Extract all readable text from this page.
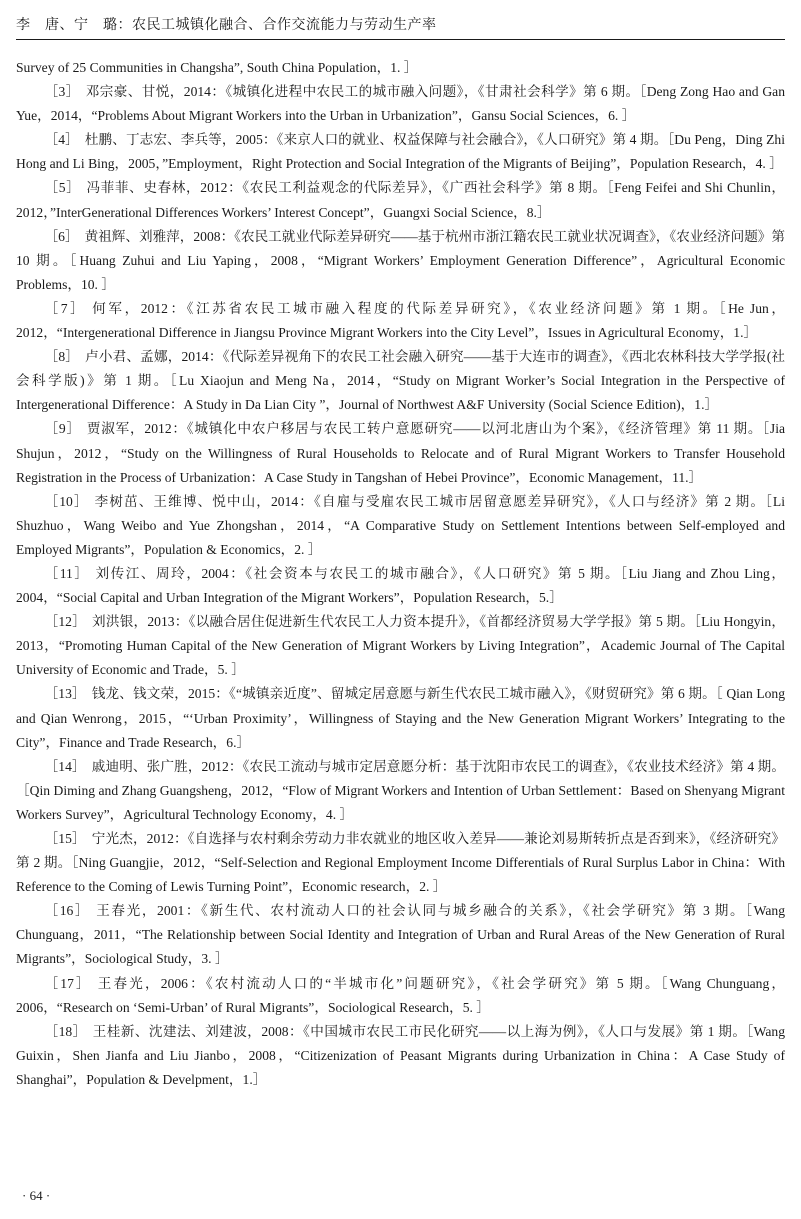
李　唐、宁　璐：农民工城镇化融合、合作交流能力与劳动生产率

Survey of 25 Communities in Changsha”, South China Population，1. ］

［3］ 邓宗豪、甘悦，2014：《城镇化进程中农民工的城市融入问题》，《甘肃社会科学》第 6 期。［Deng Zong Hao and Gan Yue，2014，“Problems About Migrant Workers into the Urban in Urbanization”，Gansu Social Sciences，6. ］

［4］ 杜鹏、丁志宏、李兵等，2005：《来京人口的就业、权益保障与社会融合》，《人口研究》第 4 期。［Du Peng，Ding Zhi Hong and Li Bing，2005，”Employment，Right Protection and Social Integration of the Migrants of Beijing”，Population Research，4. ］

［5］ 冯菲菲、史春林，2012：《农民工利益观念的代际差异》，《广西社会科学》第 8 期。［Feng Feifei and Shi Chunlin，2012，”InterGenerational Differences Workers’ Interest Concept”，Guangxi Social Science，8.］

［6］ 黄祖辉、刘雅萍，2008：《农民工就业代际差异研究——基于杭州市浙江籍农民工就业状况调查》，《农业经济问题》第 10 期。［Huang Zuhui and Liu Yaping，2008，“Migrant Workers’ Employment Generation Difference”，Agricultural Economic Problems，10. ］

［7］ 何军，2012：《江苏省农民工城市融入程度的代际差异研究》，《农业经济问题》第 1 期。［He Jun，2012，“Intergenerational Difference in Jiangsu Province Migrant Workers into the City Level”，Issues in Agricultural Economy，1.］

［8］ 卢小君、孟娜，2014：《代际差异视角下的农民工社会融入研究——基于大连市的调查》，《西北农林科技大学学报(社会科学版)》第 1 期。［Lu Xiaojun and Meng Na，2014，“Study on Migrant Worker’s Social Integration in the Perspective of Intergenerational Difference：A Study in Da Lian City ”，Journal of Northwest A&F University (Social Science Edition)，1.］

［9］ 贾淑军，2012：《城镇化中农户移居与农民工转户意愿研究——以河北唐山为个案》，《经济管理》第 11 期。［Jia Shujun，2012，“Study on the Willingness of Rural Households to Relocate and of Rural Migrant Workers to Transfer Household Registration in the Process of Urbanization：A Case Study in Tangshan of Hebei Province”，Economic Management，11.］

［10］ 李树茁、王维博、悦中山，2014：《自雇与受雇农民工城市居留意愿差异研究》，《人口与经济》第 2 期。［Li Shuzhuo，Wang Weibo and Yue Zhongshan，2014，“A Comparative Study on Settlement Intentions between Self-employed and Employed Migrants”，Population & Economics，2. ］

［11］ 刘传江、周玲，2004：《社会资本与农民工的城市融合》，《人口研究》第 5 期。［Liu Jiang and Zhou Ling，2004，“Social Capital and Urban Integration of the Migrant Workers”，Population Research，5.］

［12］ 刘洪银，2013：《以融合居住促进新生代农民工人力资本提升》，《首都经济贸易大学学报》第 5 期。［Liu Hongyin，2013，“Promoting Human Capital of the New Generation of Migrant Workers by Living Integration”，Academic Journal of The Capital University of Economic and Trade，5. ］

［13］ 钱龙、钱文荣，2015：《“城镇亲近度”、留城定居意愿与新生代农民工城市融入》，《财贸研究》第 6 期。［ Qian Long and Qian Wenrong，2015，“‘Urban Proximity’，Willingness of Staying and the New Generation Migrant Workers’ Integrating to the City”，Finance and Trade Research，6.］

［14］ 戚迪明、张广胜，2012：《农民工流动与城市定居意愿分析：基于沈阳市农民工的调查》，《农业技术经济》第 4 期。［Qin Diming and Zhang Guangsheng，2012，“Flow of Migrant Workers and Intention of Urban Settlement：Based on Shenyang Migrant Workers Survey”，Agricultural Technology Economy，4. ］

［15］ 宁光杰，2012：《自选择与农村剩余劳动力非农就业的地区收入差异——兼论刘易斯转折点是否到来》，《经济研究》第 2 期。［Ning Guangjie，2012，“Self-Selection and Regional Employment Income Differentials of Rural Surplus Labor in China：With Reference to the Coming of Lewis Turning Point”，Economic research，2. ］

［16］ 王春光，2001：《新生代、农村流动人口的社会认同与城乡融合的关系》，《社会学研究》第 3 期。［Wang Chunguang，2011，“The Relationship between Social Identity and Integration of Urban and Rural Areas of the New Generation of Rural Migrants”，Sociological Study，3. ］

［17］ 王春光，2006：《农村流动人口的“半城市化”问题研究》，《社会学研究》第 5 期。［Wang Chunguang，2006，“Research on ‘Semi-Urban’ of Rural Migrants”，Sociological Research，5. ］

［18］ 王桂新、沈建法、刘建波，2008：《中国城市农民工市民化研究——以上海为例》，《人口与发展》第 1 期。［Wang Guixin，Shen Jianfa and Liu Jianbo，2008，“Citizenization of Peasant Migrants during Urbanization in China：A Case Study of Shanghai”，Population & Develpment，1.］

· 64 ·
